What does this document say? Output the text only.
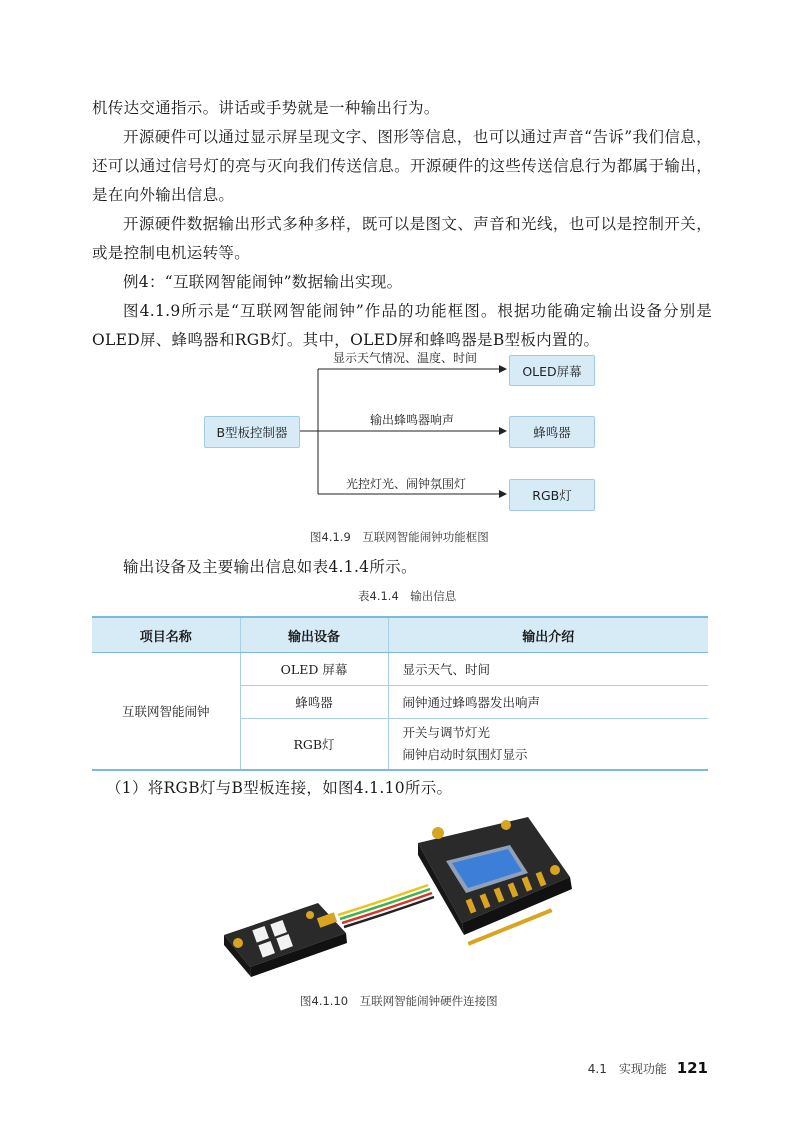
机传达交通指示。讲话或手势就是一种输出行为。

开源硬件可以通过显示屏呈现文字、图形等信息，也可以通过声音“告诉”我们信息，还可以通过信号灯的亮与灭向我们传送信息。开源硬件的这些传送信息行为都属于输出，是在向外输出信息。

开源硬件数据输出形式多种多样，既可以是图文、声音和光线，也可以是控制开关，或是控制电机运转等。

例4：“互联网智能闹钟”数据输出实现。

图4.1.9所示是“互联网智能闹钟”作品的功能框图。根据功能确定输出设备分别是OLED屏、蜂鸣器和RGB灯。其中，OLED屏和蜂鸣器是B型板内置的。

B型板控制器
OLED屏幕
蜂鸣器
RGB灯
显示天气情况、温度、时间
输出蜂鸣器响声
光控灯光、闹钟氛围灯
图4.1.9　互联网智能闹钟功能框图

输出设备及主要输出信息如表4.1.4所示。

表4.1.4　输出信息
项目名称	输出设备	输出介绍
互联网智能闹钟	OLED 屏幕	显示天气、时间
	蜂鸣器	闹钟通过蜂鸣器发出响声
	RGB灯	开关与调节灯光
闹钟启动时氛围灯显示

（1）将RGB灯与B型板连接，如图4.1.10所示。

图4.1.10　互联网智能闹钟硬件连接图
4.1　实现功能 121
